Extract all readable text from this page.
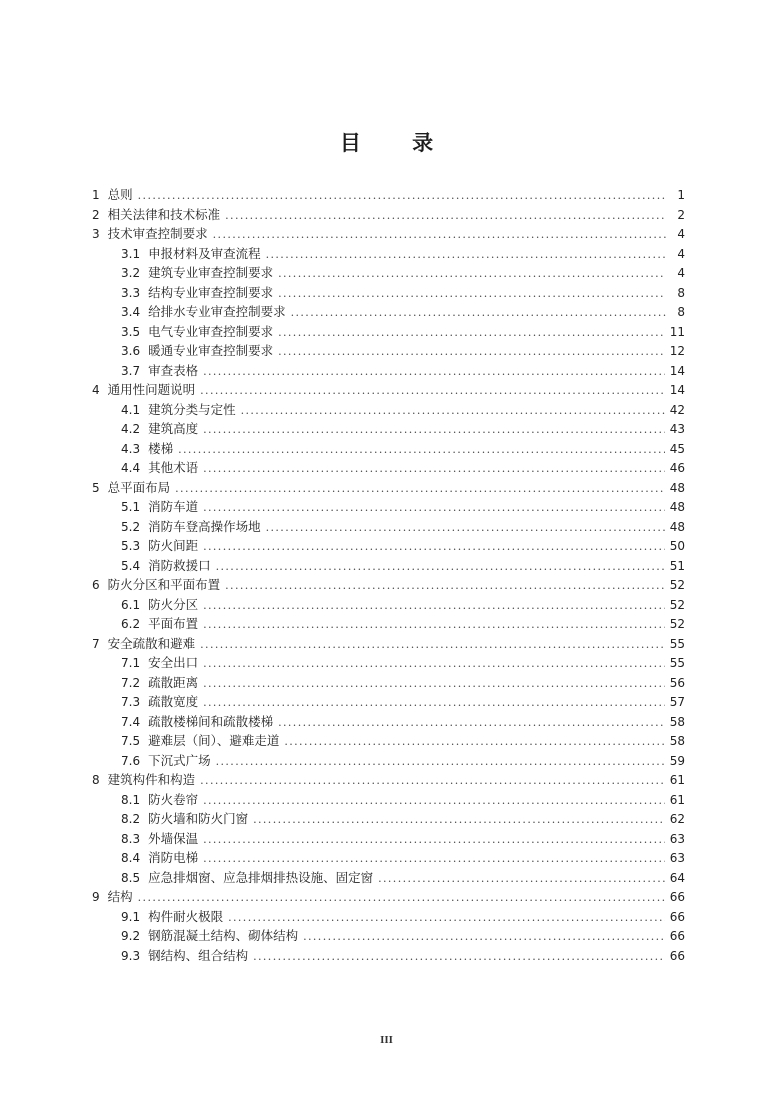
目 录
1 总则 .....	1
2 相关法律和技术标准 .....	2
3 技术审查控制要求 .....	4
3.1 申报材料及审查流程 .....	4
3.2 建筑专业审查控制要求 .....	4
3.3 结构专业审查控制要求 .....	8
3.4 给排水专业审查控制要求 .....	8
3.5 电气专业审查控制要求 .....	11
3.6 暖通专业审查控制要求 .....	12
3.7 审查表格 .....	14
4 通用性问题说明 .....	14
4.1 建筑分类与定性 .....	42
4.2 建筑高度 .....	43
4.3 楼梯 .....	45
4.4 其他术语 .....	46
5 总平面布局 .....	48
5.1 消防车道 .....	48
5.2 消防车登高操作场地 .....	48
5.3 防火间距 .....	50
5.4 消防救援口 .....	51
6 防火分区和平面布置 .....	52
6.1 防火分区 .....	52
6.2 平面布置 .....	52
7 安全疏散和避难 .....	55
7.1 安全出口 .....	55
7.2 疏散距离 .....	56
7.3 疏散宽度 .....	57
7.4 疏散楼梯间和疏散楼梯 .....	58
7.5 避难层（间）、避难走道 .....	58
7.6 下沉式广场 .....	59
8 建筑构件和构造 .....	61
8.1 防火卷帘 .....	61
8.2 防火墙和防火门窗 .....	62
8.3 外墙保温 .....	63
8.4 消防电梯 .....	63
8.5 应急排烟窗、应急排烟排热设施、固定窗 .....	64
9 结构 .....	66
9.1 构件耐火极限 .....	66
9.2 钢筋混凝土结构、砌体结构 .....	66
9.3 钢结构、组合结构 .....	66
III
